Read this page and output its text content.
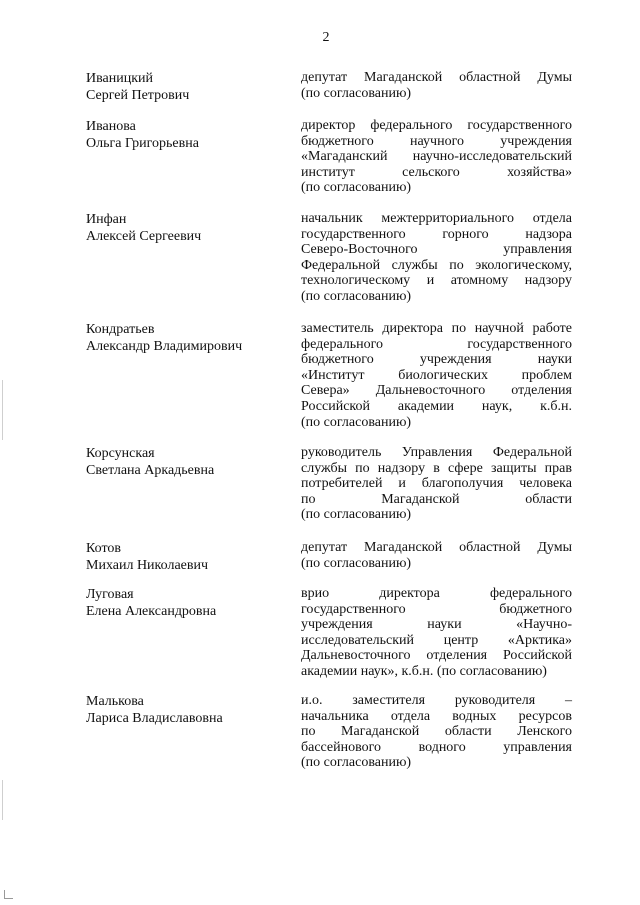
2
Иваницкий
Сергей Петрович
депутат Магаданской областной Думы
(по согласованию)
Иванова
Ольга Григорьевна
директор федерального государственного
бюджетного научного учреждения
«Магаданский научно-исследовательский
институт сельского хозяйства»
(по согласованию)
Инфан
Алексей Сергеевич
начальник межтерриториального отдела
государственного горного надзора
Северо-Восточного управления
Федеральной службы по экологическому,
технологическому и атомному надзору
(по согласованию)
Кондратьев
Александр Владимирович
заместитель директора по научной работе
федерального государственного
бюджетного учреждения науки
«Институт биологических проблем
Севера» Дальневосточного отделения
Российской академии наук, к.б.н.
(по согласованию)
Корсунская
Светлана Аркадьевна
руководитель Управления Федеральной
службы по надзору в сфере защиты прав
потребителей и благополучия человека
по Магаданской области
(по согласованию)
Котов
Михаил Николаевич
депутат Магаданской областной Думы
(по согласованию)
Луговая
Елена Александровна
врио директора федерального
государственного бюджетного
учреждения науки «Научно-
исследовательский центр «Арктика»
Дальневосточного отделения Российской
академии наук», к.б.н. (по согласованию)
Малькова
Лариса Владиславовна
и.о. заместителя руководителя –
начальника отдела водных ресурсов
по Магаданской области Ленского
бассейнового водного управления
(по согласованию)
